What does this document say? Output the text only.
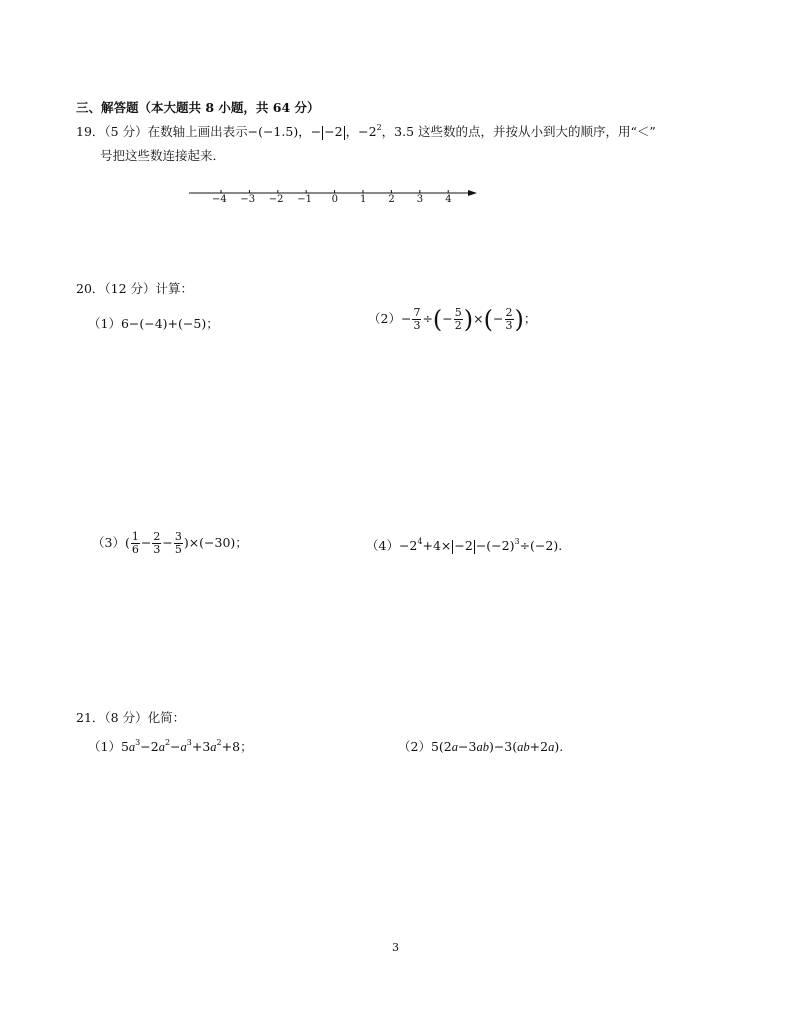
三、解答题（本大题共 8 小题，共 64 分）
19．（5 分）在数轴上画出表示−(−1.5)，− −2 ，$-2^2$，3.5 这些数的点，并按从小到大的顺序，用“＜”
号把这些数连接起来．
−4 −3 −2 −1 0 1 2 3 4
20．（12 分）计算：
（1）6−(−4)+(−5)；	$(2)- \frac{7}{3}$ ÷(− $\frac{5}{2}$ )×(− $\frac{2}{3}$ )；
$(3)( \frac{1}{6} - \frac{2}{3} - \frac{3}{5} )\times(-30)$；	$(4)-2^4+4\times -2 -(-2)^3\div(-2)$.
21．（8 分）化简：
$(1)5a^3-2a^2-a^3+3a^2+8$；	（2）5(2a−3ab)−3(ab+2a).
3
